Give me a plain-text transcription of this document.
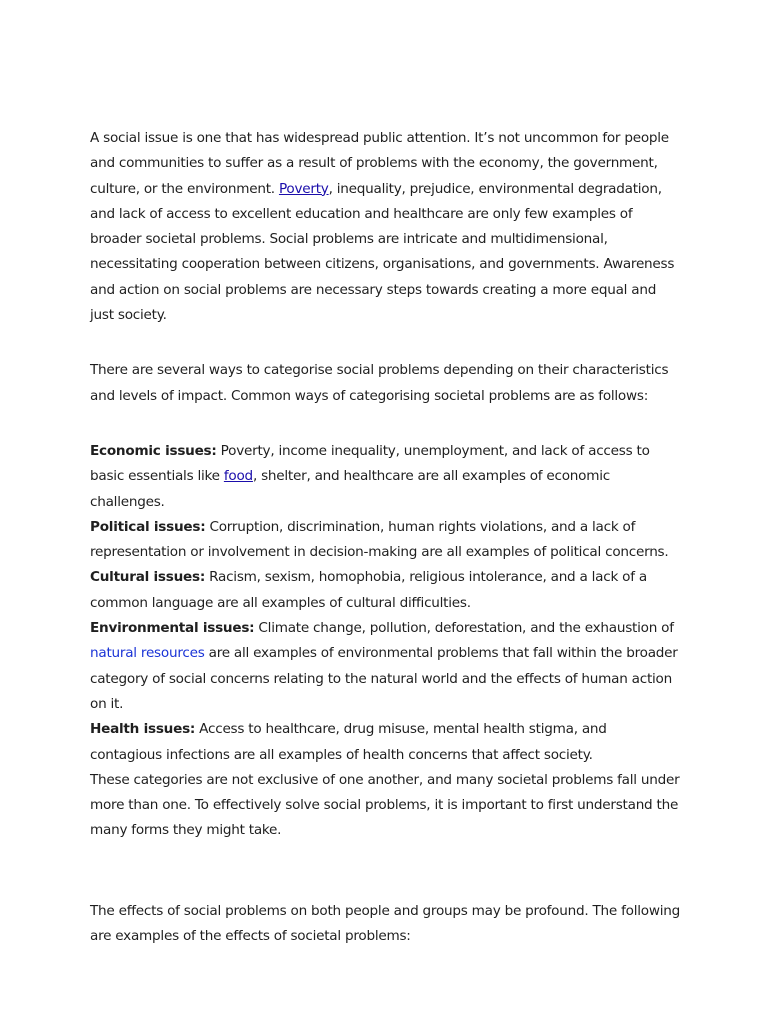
A social issue is one that has widespread public attention. It’s not uncommon for people and communities to suffer as a result of problems with the economy, the government, culture, or the environment. Poverty, inequality, prejudice, environmental degradation, and lack of access to excellent education and healthcare are only few examples of broader societal problems. Social problems are intricate and multidimensional, necessitating cooperation between citizens, organisations, and governments. Awareness and action on social problems are necessary steps towards creating a more equal and just society.

There are several ways to categorise social problems depending on their characteristics and levels of impact. Common ways of categorising societal problems are as follows:

Economic issues: Poverty, income inequality, unemployment, and lack of access to basic essentials like food, shelter, and healthcare are all examples of economic challenges.

Political issues: Corruption, discrimination, human rights violations, and a lack of representation or involvement in decision-making are all examples of political concerns.

Cultural issues: Racism, sexism, homophobia, religious intolerance, and a lack of a common language are all examples of cultural difficulties.

Environmental issues: Climate change, pollution, deforestation, and the exhaustion of natural resources are all examples of environmental problems that fall within the broader category of social concerns relating to the natural world and the effects of human action on it.

Health issues: Access to healthcare, drug misuse, mental health stigma, and contagious infections are all examples of health concerns that affect society.

These categories are not exclusive of one another, and many societal problems fall under more than one. To effectively solve social problems, it is important to first understand the many forms they might take.

The effects of social problems on both people and groups may be profound. The following are examples of the effects of societal problems:
